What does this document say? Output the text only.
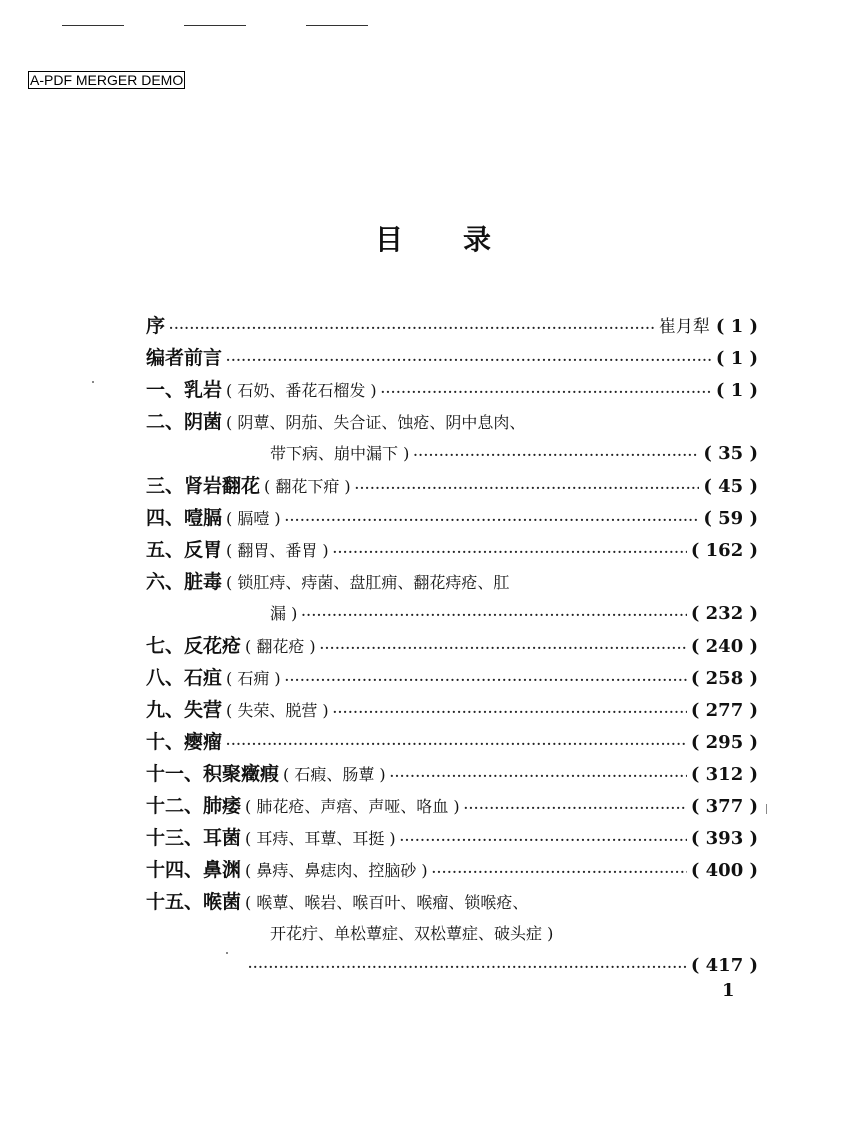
A-PDF MERGER DEMO
目录
序 ·····	崔月犁 ( 1 )
编者前言 ·····	( 1 )
一、乳岩 ( 石奶、番花石榴发 ) ·····	( 1 )
二、阴菌 ( 阴蕈、阴茄、失合证、蚀疮、阴中息肉、
带下病、崩中漏下 ) ·····	( 35 )
三、肾岩翻花 ( 翻花下疳 ) ·····	( 45 )
四、噎膈 ( 膈噎 ) ·····	( 59 )
五、反胃 ( 翻胃、番胃 ) ·····	( 162 )
六、脏毒 ( 锁肛痔、痔菌、盘肛痈、翻花痔疮、肛
漏 ) ·····	( 232 )
七、反花疮 ( 翻花疮 ) ·····	( 240 )
八、石疽 ( 石痈 ) ·····	( 258 )
九、失营 ( 失荣、脱营 ) ·····	( 277 )
十、瘿瘤 ·····	( 295 )
十一、积聚癥瘕 ( 石瘕、肠蕈 ) ·····	( 312 )
十二、肺痿 ( 肺花疮、声痦、声哑、咯血 ) ·····	( 377 )
十三、耳菌 ( 耳痔、耳蕈、耳挺 ) ·····	( 393 )
十四、鼻渊 ( 鼻痔、鼻痣肉、控脑砂 ) ·····	( 400 )
十五、喉菌 ( 喉蕈、喉岩、喉百叶、喉瘤、锁喉疮、
开花疔、单松蕈症、双松蕈症、破头症 )
·····
( 417 )
1
